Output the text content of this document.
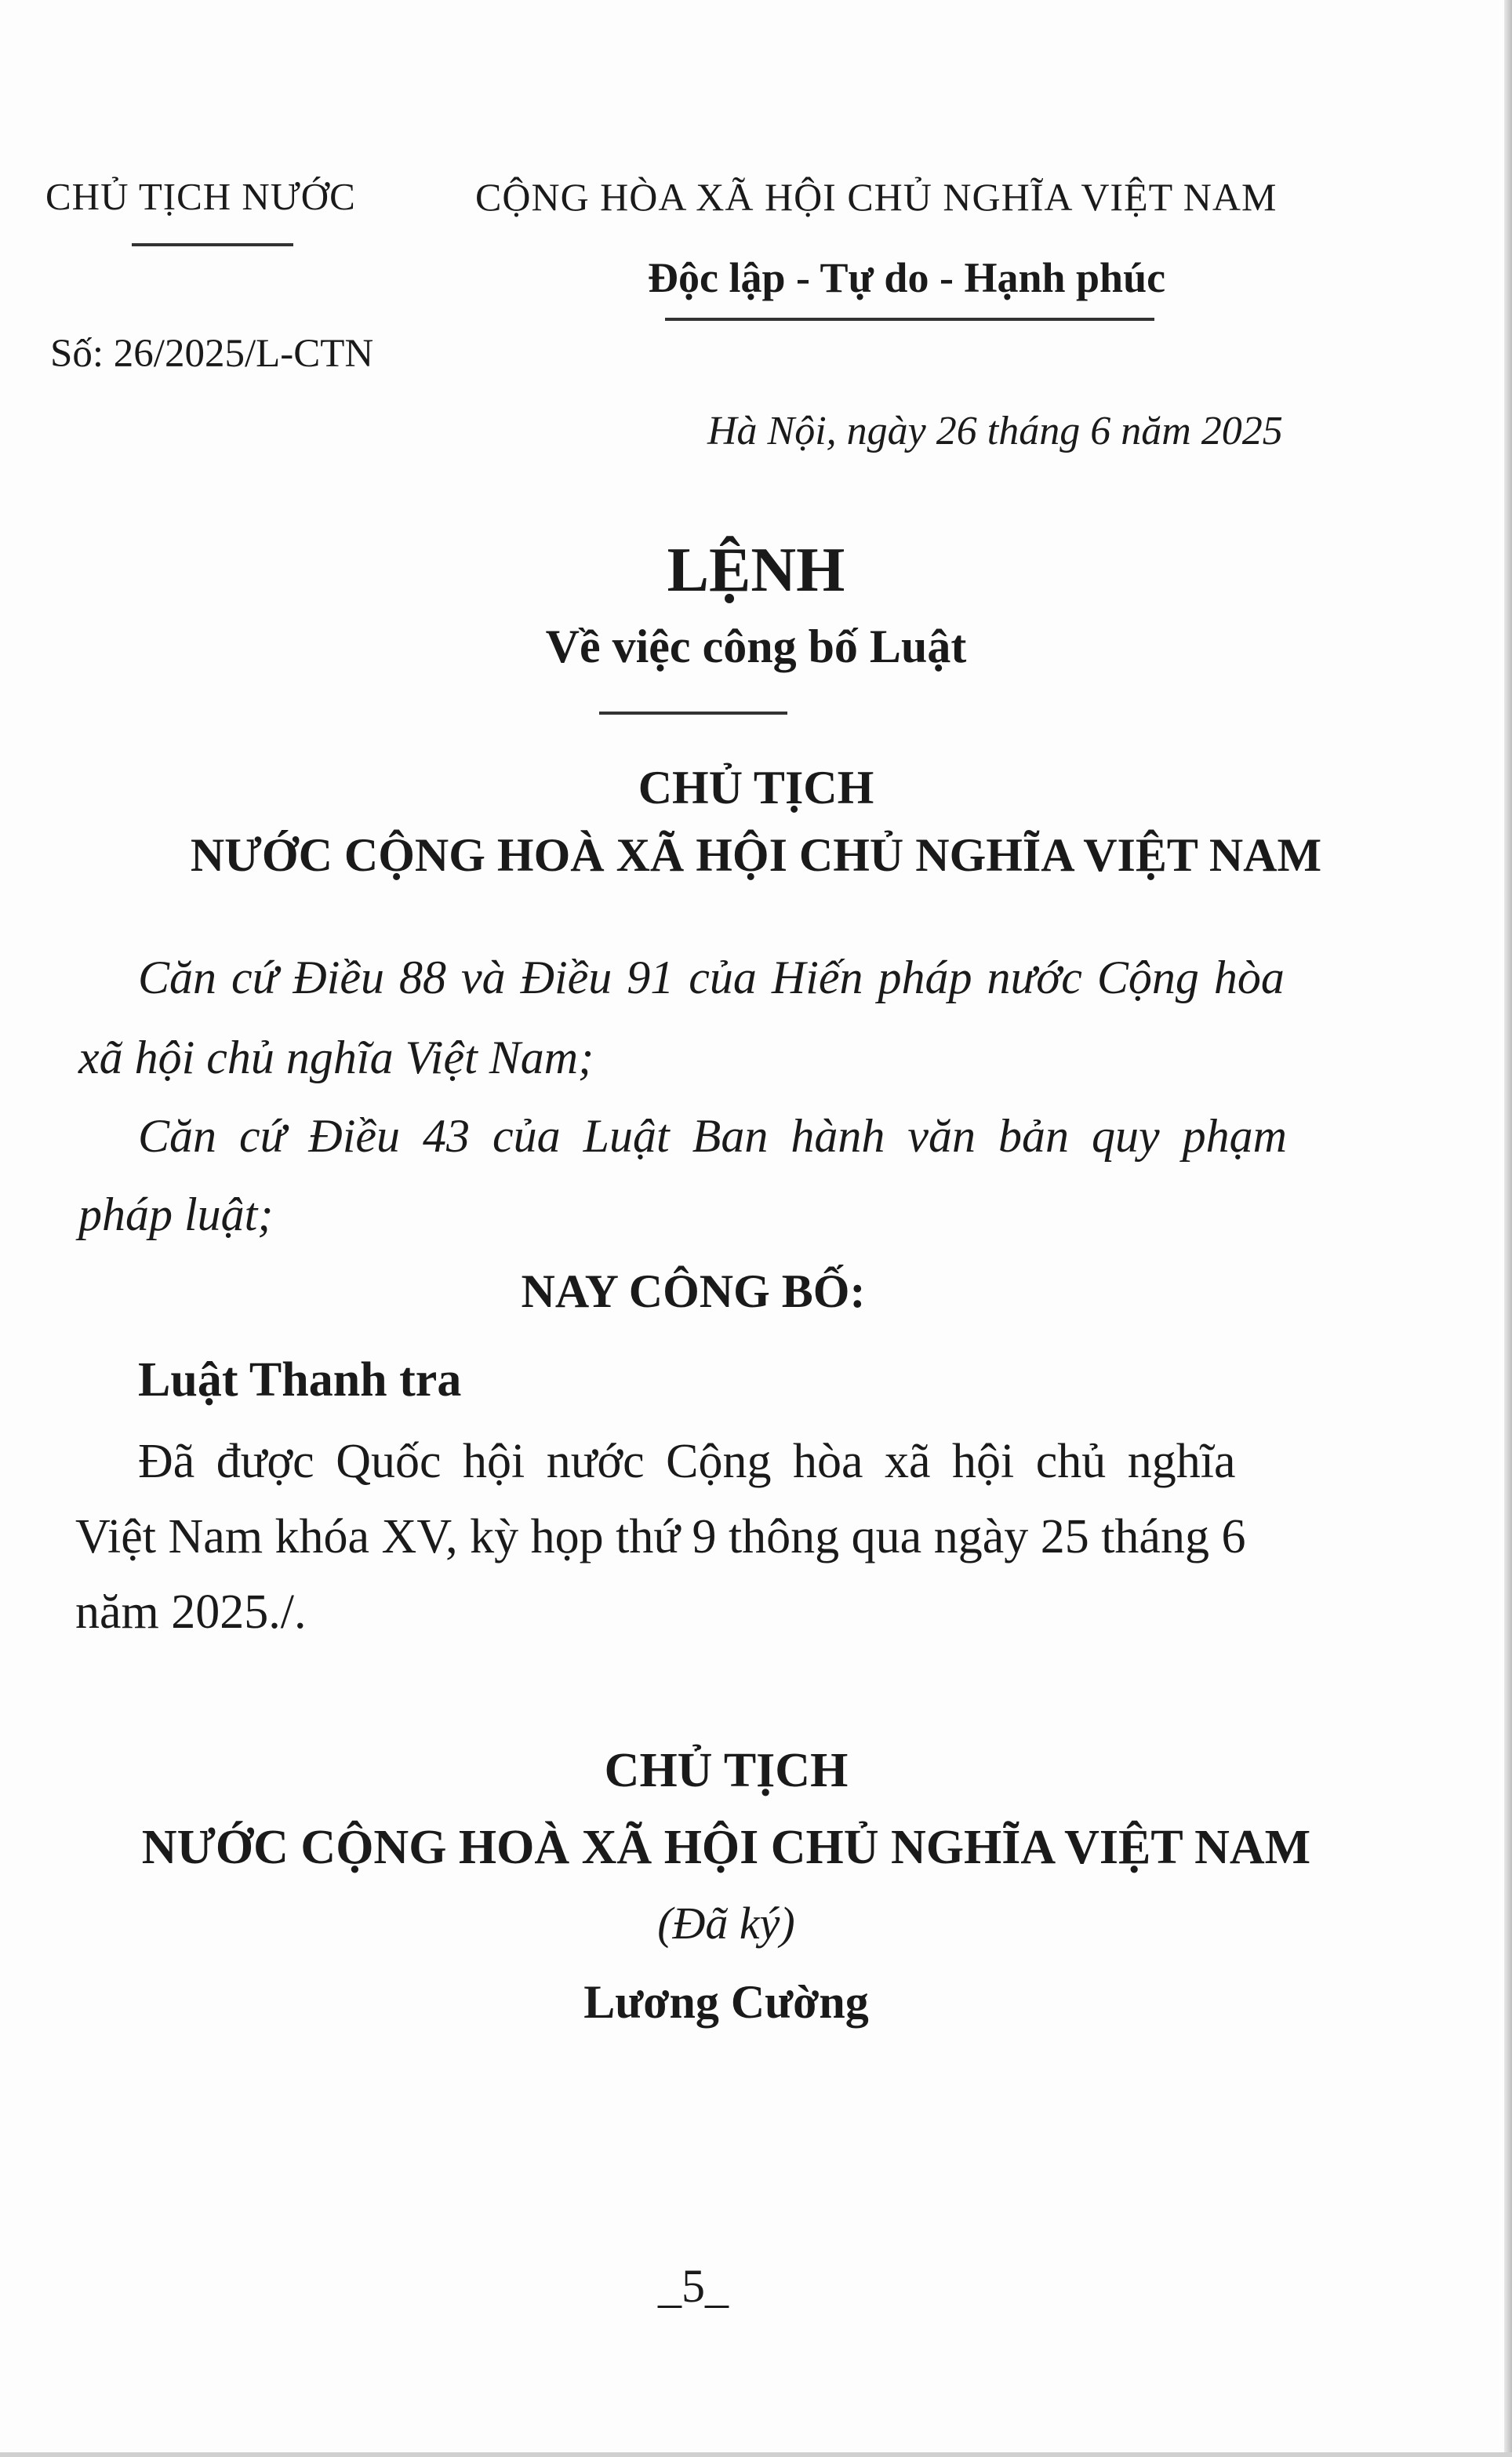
CHỦ TỊCH NƯỚC	CỘNG HÒA XÃ HỘI CHỦ NGHĨA VIỆT NAM
Độc lập - Tự do - Hạnh phúc
Số: 26/2025/L-CTN
Hà Nội, ngày 26 tháng 6 năm 2025
LỆNH
Về việc công bố Luật
CHỦ TỊCH
NƯỚC CỘNG HOÀ XÃ HỘI CHỦ NGHĨA VIỆT NAM
Căn cứ Điều 88 và Điều 91 của Hiến pháp nước Cộng hòa
xã hội chủ nghĩa Việt Nam;
Căn cứ Điều 43 của Luật Ban hành văn bản quy phạm
pháp luật;
NAY CÔNG BỐ:
Luật Thanh tra
Đã được Quốc hội nước Cộng hòa xã hội chủ nghĩa
Việt Nam khóa XV, kỳ họp thứ 9 thông qua ngày 25 tháng 6
năm 2025./.
CHỦ TỊCH
NƯỚC CỘNG HOÀ XÃ HỘI CHỦ NGHĨA VIỆT NAM
(Đã ký)
Lương Cường
_5_
